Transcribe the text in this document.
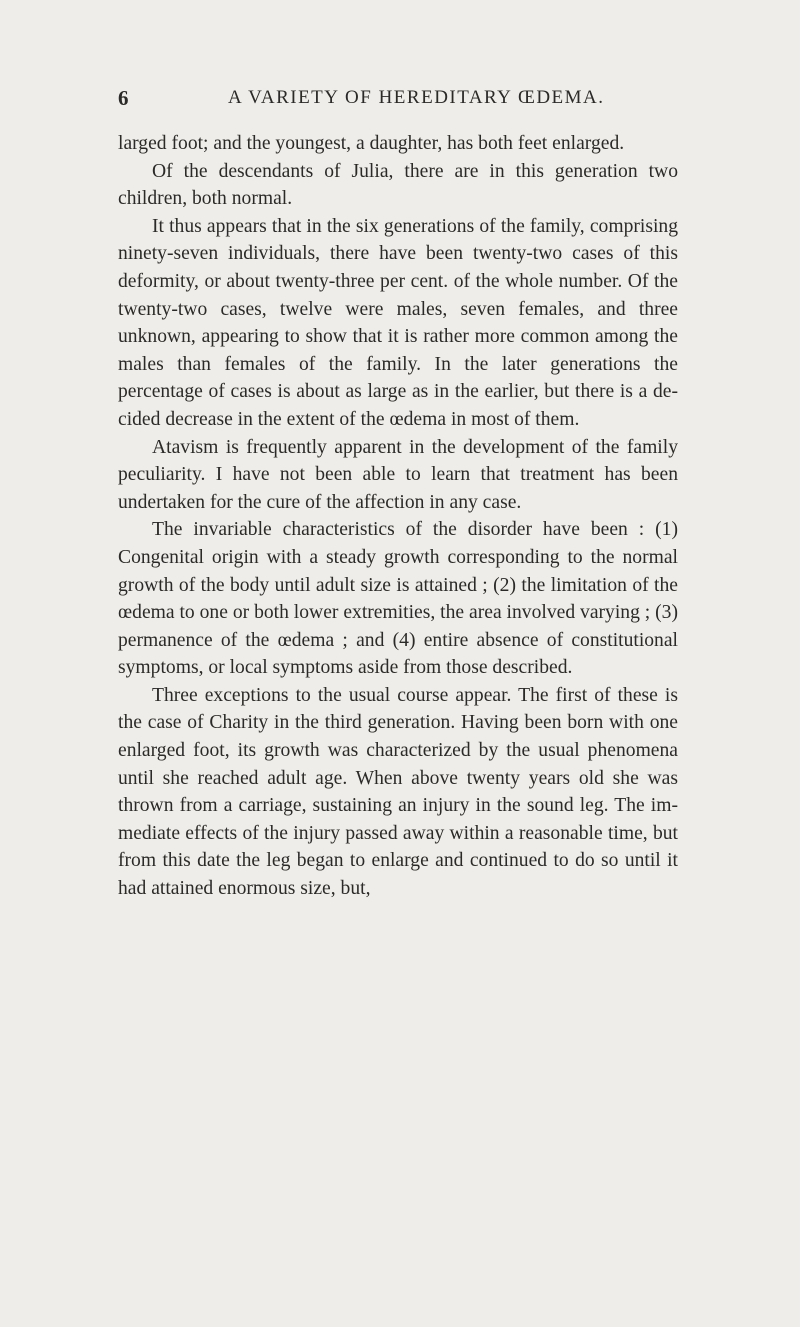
6	A VARIETY OF HEREDITARY ŒDEMA.

larged foot; and the youngest, a daughter, has both feet enlarged.

Of the descendants of Julia, there are in this generation two children, both normal.

It thus appears that in the six generations of the family, comprising ninety-seven individuals, there have been twenty-two cases of this deformity, or about twenty-three per cent. of the whole number. Of the twenty-two cases, twelve were males, seven females, and three unknown, appearing to show that it is rather more common among the males than females of the family. In the later generations the percentage of cases is about as large as in the earlier, but there is a decided decrease in the extent of the œdema in most of them.

Atavism is frequently apparent in the development of the family peculiarity. I have not been able to learn that treatment has been undertaken for the cure of the affection in any case.

The invariable characteristics of the disorder have been : (1) Congenital origin with a steady growth corresponding to the normal growth of the body until adult size is attained ; (2) the limitation of the œdema to one or both lower extremities, the area involved varying ; (3) permanence of the œdema ; and (4) entire absence of constitutional symptoms, or local symptoms aside from those described.

Three exceptions to the usual course appear. The first of these is the case of Charity in the third generation. Having been born with one enlarged foot, its growth was characterized by the usual phenomena until she reached adult age. When above twenty years old she was thrown from a carriage, sustaining an injury in the sound leg. The immediate effects of the injury passed away within a reasonable time, but from this date the leg began to enlarge and continued to do so until it had attained enormous size, but,
